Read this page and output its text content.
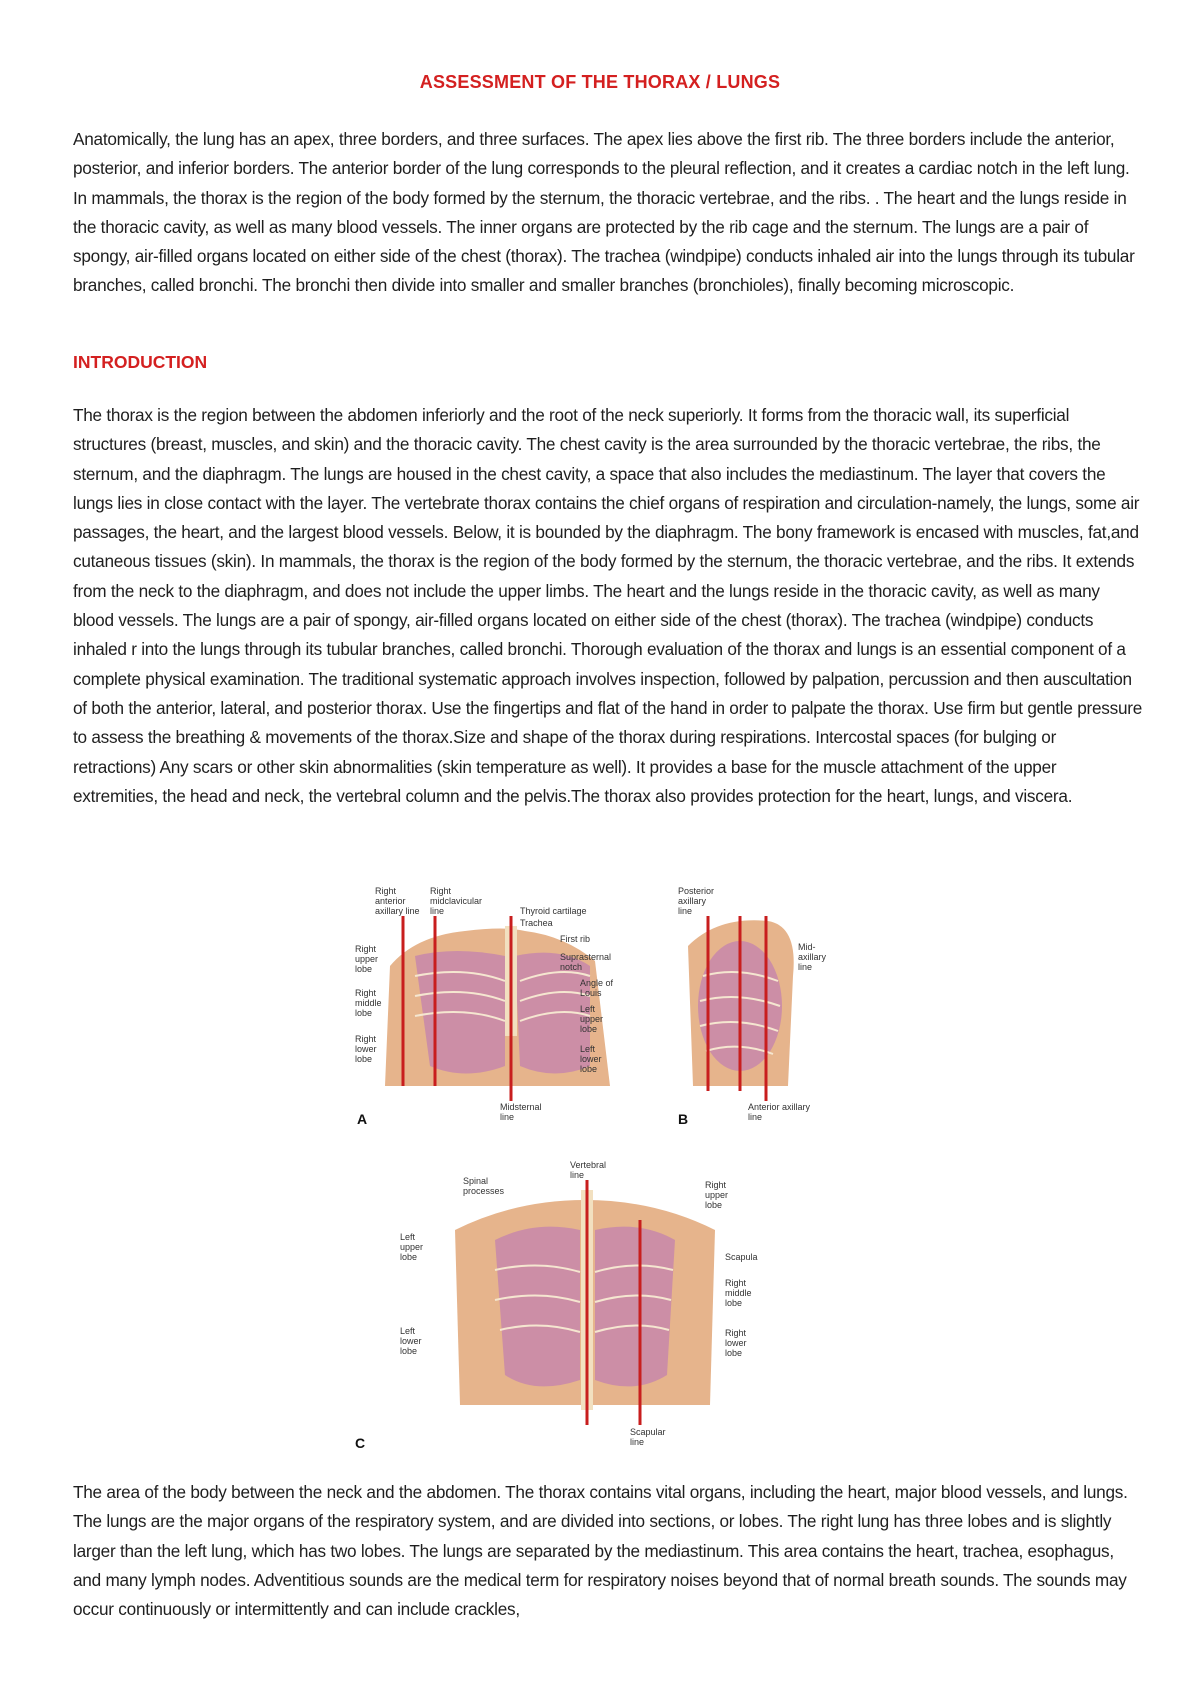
ASSESSMENT OF THE THORAX / LUNGS

Anatomically, the lung has an apex, three borders, and three surfaces. The apex lies above the first rib. The three borders include the anterior, posterior, and inferior borders. The anterior border of the lung corresponds to the pleural reflection, and it creates a cardiac notch in the left lung. In mammals, the thorax is the region of the body formed by the sternum, the thoracic vertebrae, and the ribs. . The heart and the lungs reside in the thoracic cavity, as well as many blood vessels. The inner organs are protected by the rib cage and the sternum. The lungs are a pair of spongy, air-filled organs located on either side of the chest (thorax). The trachea (windpipe) conducts inhaled air into the lungs through its tubular branches, called bronchi. The bronchi then divide into smaller and smaller branches (bronchioles), finally becoming microscopic.

INTRODUCTION

The thorax is the region between the abdomen inferiorly and the root of the neck superiorly. It forms from the thoracic wall, its superficial structures (breast, muscles, and skin) and the thoracic cavity. The chest cavity is the area surrounded by the thoracic vertebrae, the ribs, the sternum, and the diaphragm. The lungs are housed in the chest cavity, a space that also includes the mediastinum. The layer that covers the lungs lies in close contact with the layer. The vertebrate thorax contains the chief organs of respiration and circulation-namely, the lungs, some air passages, the heart, and the largest blood vessels. Below, it is bounded by the diaphragm. The bony framework is encased with muscles, fat,and cutaneous tissues (skin). In mammals, the thorax is the region of the body formed by the sternum, the thoracic vertebrae, and the ribs. It extends from the neck to the diaphragm, and does not include the upper limbs. The heart and the lungs reside in the thoracic cavity, as well as many blood vessels. The lungs are a pair of spongy, air-filled organs located on either side of the chest (thorax). The trachea (windpipe) conducts inhaled r into the lungs through its tubular branches, called bronchi. Thorough evaluation of the thorax and lungs is an essential component of a complete physical examination. The traditional systematic approach involves inspection, followed by palpation, percussion and then auscultation of both the anterior, lateral, and posterior thorax. Use the fingertips and flat of the hand in order to palpate the thorax. Use firm but gentle pressure to assess the breathing & movements of the thorax.Size and shape of the thorax during respirations. Intercostal spaces (for bulging or retractions) Any scars or other skin abnormalities (skin temperature as well). It provides a base for the muscle attachment of the upper extremities, the head and neck, the vertebral column and the pelvis.The thorax also provides protection for the heart, lungs, and viscera.

Right anterior axillary line
Right midclavicular line	Thyroid cartilage
Trachea
First rib
Suprasternal notch
Angle of Louis
Left upper lobe
Left lower lobe
Right upper lobe
Right middle lobe
Right lower lobe
Midsternal line
A
Posterior axillary line
Mid-axillary line
Anterior axillary line
B
Vertebral line
Spinal processes
Right upper lobe
Left upper lobe	Scapula
Right middle lobe
Left lower lobe
Right lower lobe
Scapular line
C

The area of the body between the neck and the abdomen. The thorax contains vital organs, including the heart, major blood vessels, and lungs. The lungs are the major organs of the respiratory system, and are divided into sections, or lobes. The right lung has three lobes and is slightly larger than the left lung, which has two lobes. The lungs are separated by the mediastinum. This area contains the heart, trachea, esophagus, and many lymph nodes. Adventitious sounds are the medical term for respiratory noises beyond that of normal breath sounds. The sounds may occur continuously or intermittently and can include crackles,
